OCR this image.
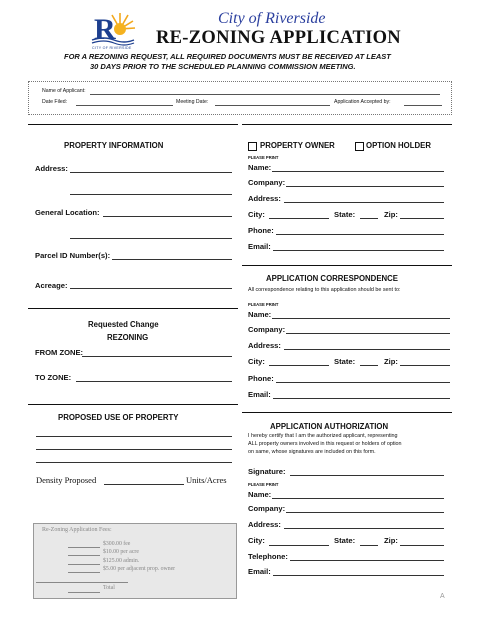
R
CITY OF RIVERSIDE
City of Riverside
RE-ZONING APPLICATION
FOR A REZONING REQUEST, ALL REQUIRED DOCUMENTS MUST BE RECEIVED AT LEAST
30 DAYS PRIOR TO THE SCHEDULED PLANNING COMMISSION MEETING.
Name of Applicant:
Date Filed:	Meeting Date:	Application Accepted by:
PROPERTY INFORMATION
Address:
General Location:
Parcel ID Number(s):
Acreage:
Requested Change
REZONING
FROM ZONE:
TO ZONE:
PROPOSED USE OF PROPERTY
Density Proposed	Units/Acres
Re-Zoning Application Fees:
$300.00 fee
$10.00 per acre
$125.00 admin.
$5.00 per adjacent prop. owner
Total
PROPERTY OWNER	OPTION HOLDER
PLEASE PRINT
Name:
Company:
Address:
City:	State:	Zip:
Phone:
Email:
APPLICATION CORRESPONDENCE
All correspondence relating to this application should be sent to:
PLEASE PRINT
Name:
Company:
Address:
City:	State:	Zip:
Phone:
Email:
APPLICATION AUTHORIZATION
I hereby certify that I am the authorized applicant, representing
ALL property owners involved in this request or holders of option
on same, whose signatures are included on this form.
Signature:
PLEASE PRINT
Name:
Company:
Address:
City:	State:	Zip:
Telephone:
Email:
A
